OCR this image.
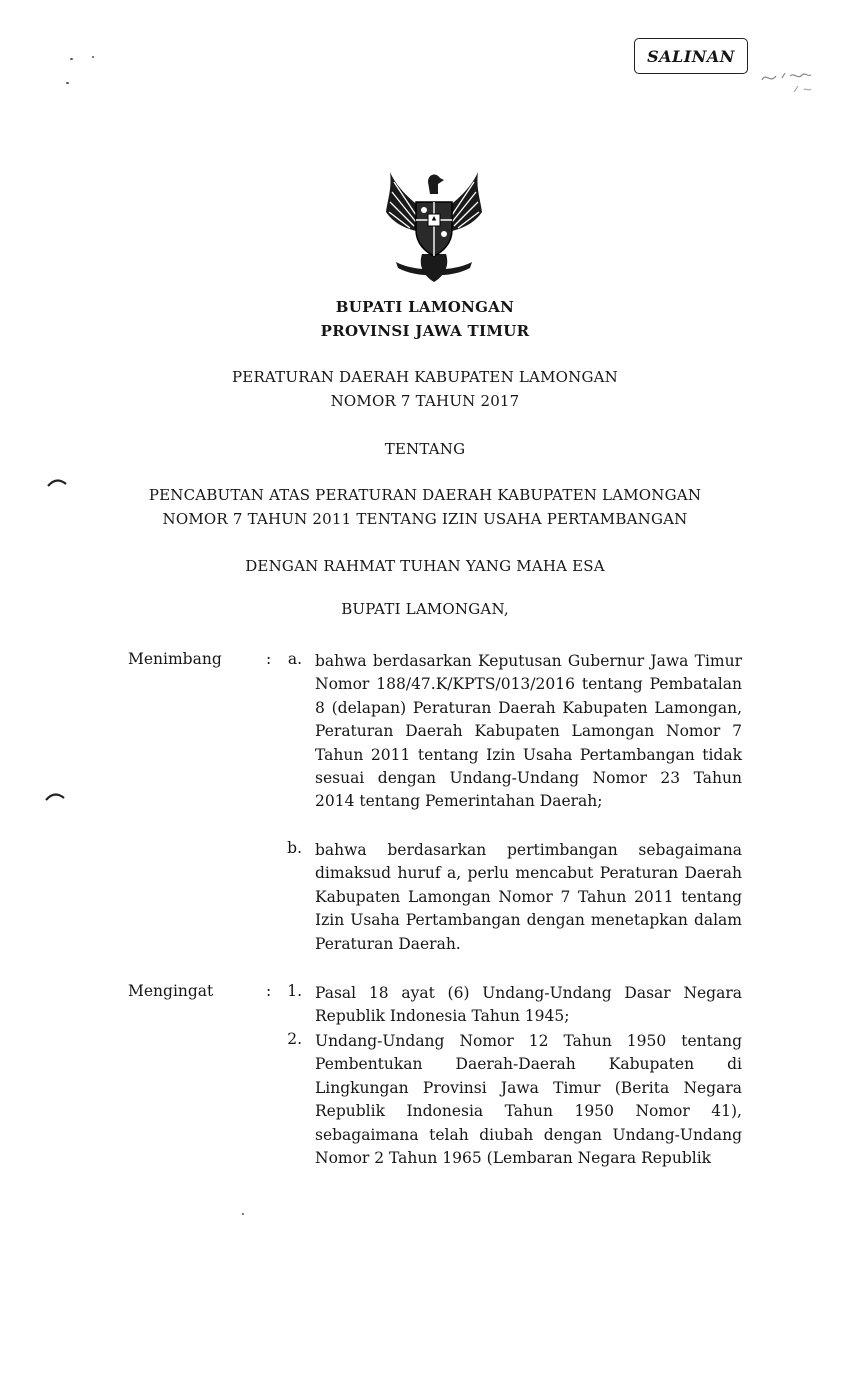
SALINAN
BUPATI LAMONGAN
PROVINSI JAWA TIMUR
PERATURAN DAERAH KABUPATEN LAMONGAN
NOMOR 7 TAHUN 2017
TENTANG
PENCABUTAN ATAS PERATURAN DAERAH KABUPATEN LAMONGAN
NOMOR 7 TAHUN 2011 TENTANG IZIN USAHA PERTAMBANGAN
DENGAN RAHMAT TUHAN YANG MAHA ESA
BUPATI LAMONGAN,
Menimbang	:	a. bahwa berdasarkan Keputusan Gubernur Jawa Timur Nomor 188/47.K/KPTS/013/2016 tentang Pembatalan 8 (delapan) Peraturan Daerah Kabupaten Lamongan, Peraturan Daerah Kabupaten Lamongan Nomor 7 Tahun 2011 tentang Izin Usaha Pertambangan tidak sesuai dengan Undang-Undang Nomor 23 Tahun 2014 tentang Pemerintahan Daerah;
b. bahwa berdasarkan pertimbangan sebagaimana dimaksud huruf a, perlu mencabut Peraturan Daerah Kabupaten Lamongan Nomor 7 Tahun 2011 tentang Izin Usaha Pertambangan dengan menetapkan dalam Peraturan Daerah.
Mengingat	:	1. Pasal 18 ayat (6) Undang-Undang Dasar Negara Republik Indonesia Tahun 1945;
2. Undang-Undang Nomor 12 Tahun 1950 tentang Pembentukan Daerah-Daerah Kabupaten di Lingkungan Provinsi Jawa Timur (Berita Negara Republik Indonesia Tahun 1950 Nomor 41), sebagaimana telah diubah dengan Undang-Undang Nomor 2 Tahun 1965 (Lembaran Negara Republik
